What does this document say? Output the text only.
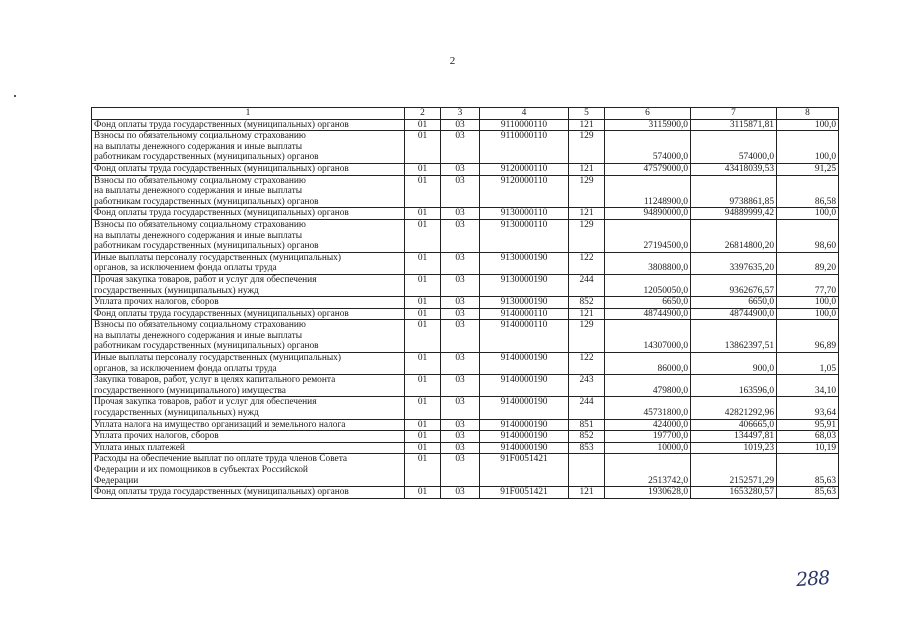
2
1	2	3	4	5	6	7	8

Фонд оплаты труда государственных (муниципальных) органов	01	03	9110000110	121	3115900,0	3115871,81	100,0

Взносы по обязательному социальному страхованию
на выплаты денежного содержания и иные выплаты
работникам государственных (муниципальных) органов	01	03	9110000110	129	574000,0	574000,0	100,0

Фонд оплаты труда государственных (муниципальных) органов	01	03	9120000110	121	47579000,0	43418039,53	91,25

Взносы по обязательному социальному страхованию
на выплаты денежного содержания и иные выплаты
работникам государственных (муниципальных) органов	01	03	9120000110	129	11248900,0	9738861,85	86,58

Фонд оплаты труда государственных (муниципальных) органов	01	03	9130000110	121	94890000,0	94889999,42	100,0

Взносы по обязательному социальному страхованию
на выплаты денежного содержания и иные выплаты
работникам государственных (муниципальных) органов	01	03	9130000110	129	27194500,0	26814800,20	98,60

Иные выплаты персоналу государственных (муниципальных)
органов, за исключением фонда оплаты труда	01	03	9130000190	122	3808800,0	3397635,20	89,20

Прочая закупка товаров, работ и услуг для обеспечения
государственных (муниципальных) нужд	01	03	9130000190	244	12050050,0	9362676,57	77,70

Уплата прочих налогов, сборов	01	03	9130000190	852	6650,0	6650,0	100,0

Фонд оплаты труда государственных (муниципальных) органов	01	03	9140000110	121	48744900,0	48744900,0	100,0

Взносы по обязательному социальному страхованию
на выплаты денежного содержания и иные выплаты
работникам государственных (муниципальных) органов	01	03	9140000110	129	14307000,0	13862397,51	96,89

Иные выплаты персоналу государственных (муниципальных)
органов, за исключением фонда оплаты труда	01	03	9140000190	122	86000,0	900,0	1,05

Закупка товаров, работ, услуг в целях капитального ремонта
государственного (муниципального) имущества	01	03	9140000190	243	479800,0	163596,0	34,10

Прочая закупка товаров, работ и услуг для обеспечения
государственных (муниципальных) нужд	01	03	9140000190	244	45731800,0	42821292,96	93,64

Уплата налога на имущество организаций и земельного налога	01	03	9140000190	851	424000,0	406665,0	95,91

Уплата прочих налогов, сборов	01	03	9140000190	852	197700,0	134497,81	68,03

Уплата иных платежей	01	03	9140000190	853	10000,0	1019,23	10,19

Расходы на обеспечение выплат по оплате труда членов Совета
Федерации и их помощников в субъектах Российской
Федерации	01	03	91F0051421		2513742,0	2152571,29	85,63

Фонд оплаты труда государственных (муниципальных) органов	01	03	91F0051421	121	1930628,0	1653280,57	85,63
288
